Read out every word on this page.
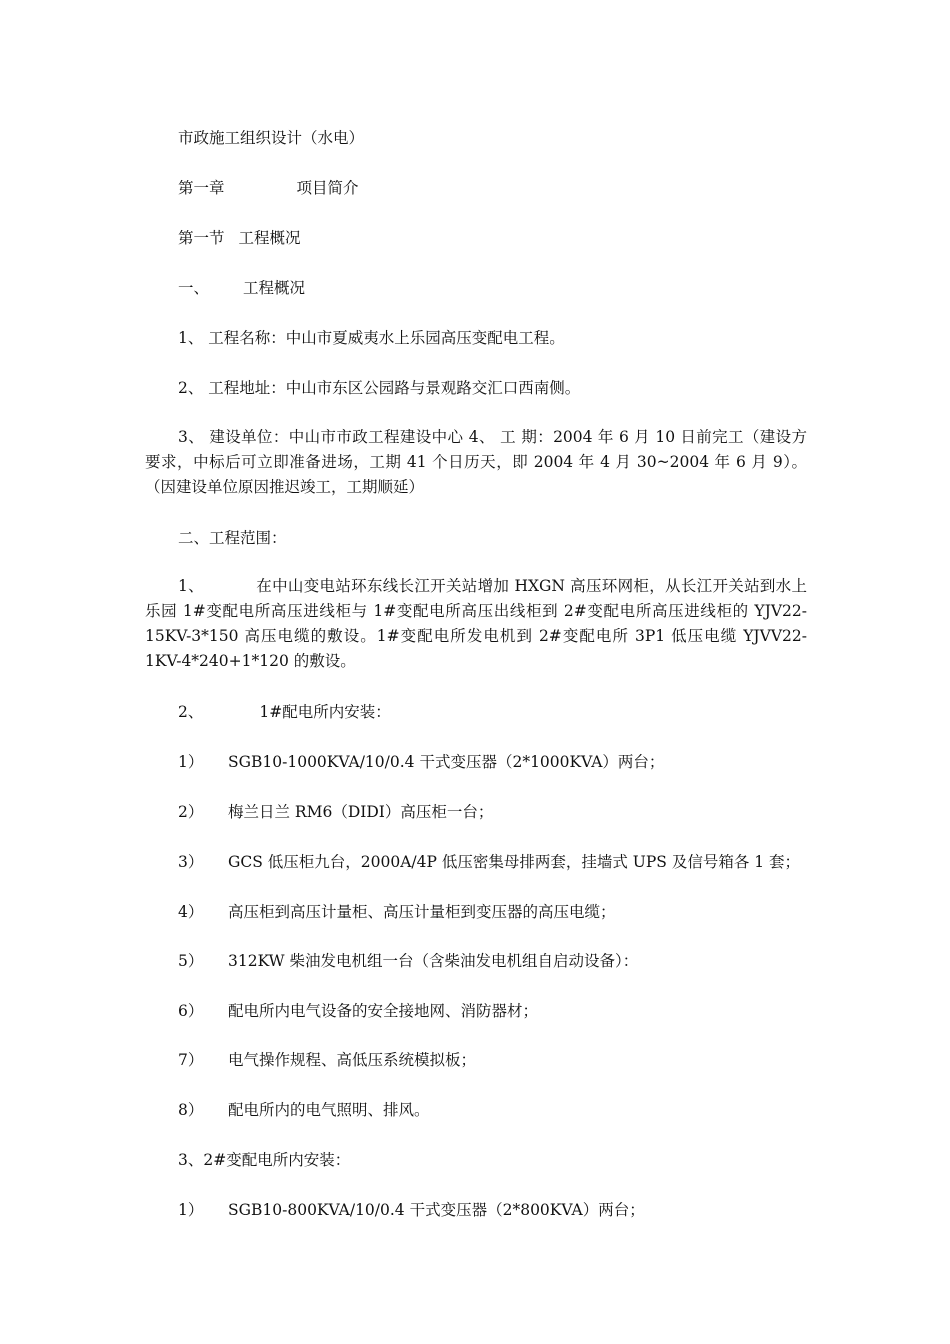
市政施工组织设计（水电）
第一章	项目简介
第一节 工程概况
一、 工程概况
1、 工程名称：中山市夏威夷水上乐园高压变配电工程。
2、 工程地址：中山市东区公园路与景观路交汇口西南侧。
3、 建设单位：中山市市政工程建设中心 4、 工 期：2004 年 6 月 10 日前完工（建设方要求，中标后可立即准备进场，工期 41 个日历天，即 2004 年 4 月 30~2004 年 6 月 9）。（因建设单位原因推迟竣工，工期顺延）
二、工程范围：
1、	在中山变电站环东线长江开关站增加 HXGN 高压环网柜，从长江开关站到水上乐园 1#变配电所高压进线柜与 1#变配电所高压出线柜到 2#变配电所高压进线柜的 YJV22-15KV-3*150 高压电缆的敷设。1#变配电所发电机到 2#变配电所 3P1 低压电缆 YJVV22-1KV-4*240+1*120 的敷设。
2、	1#配电所内安装：
1） SGB10-1000KVA/10/0.4 干式变压器（2*1000KVA）两台；
2） 梅兰日兰 RM6（DIDI）高压柜一台；
3） GCS 低压柜九台，2000A/4P 低压密集母排两套，挂墙式 UPS 及信号箱各 1 套；
4） 高压柜到高压计量柜、高压计量柜到变压器的高压电缆；
5） 312KW 柴油发电机组一台（含柴油发电机组自启动设备）：
6） 配电所内电气设备的安全接地网、消防器材；
7） 电气操作规程、高低压系统模拟板；
8） 配电所内的电气照明、排风。
3、2#变配电所内安装：
1） SGB10-800KVA/10/0.4 干式变压器（2*800KVA）两台；
